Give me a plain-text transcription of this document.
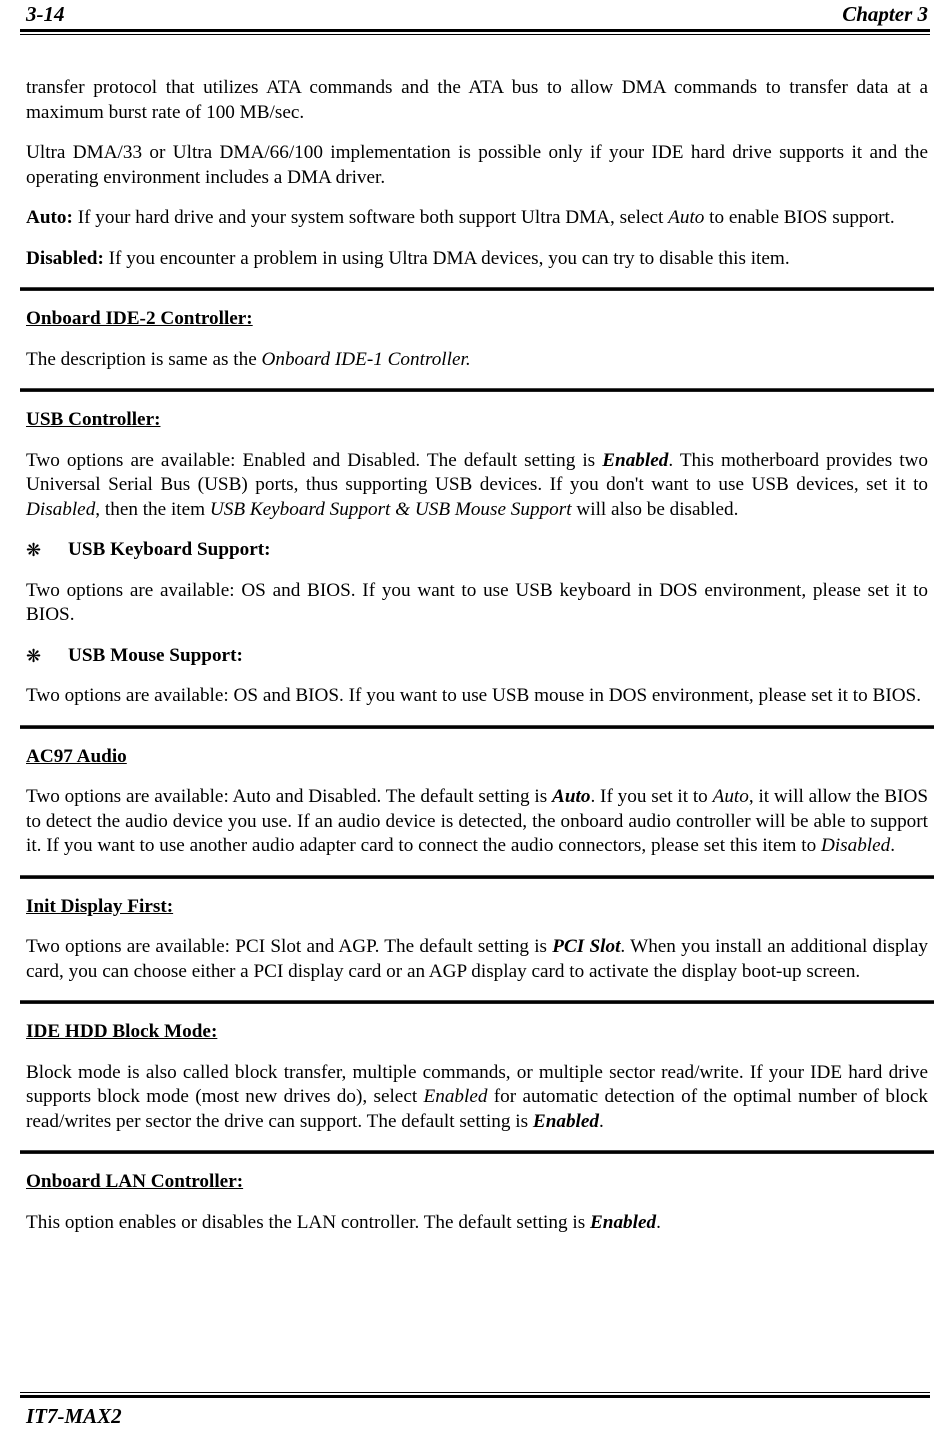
3-14	Chapter 3

transfer protocol that utilizes ATA commands and the ATA bus to allow DMA commands to transfer data at a maximum burst rate of 100 MB/sec.

Ultra DMA/33 or Ultra DMA/66/100 implementation is possible only if your IDE hard drive supports it and the operating environment includes a DMA driver.

Auto: If your hard drive and your system software both support Ultra DMA, select Auto to enable BIOS support.

Disabled: If you encounter a problem in using Ultra DMA devices, you can try to disable this item.

Onboard IDE-2 Controller:

The description is same as the Onboard IDE-1 Controller.

USB Controller:

Two options are available: Enabled and Disabled. The default setting is Enabled. This motherboard provides two Universal Serial Bus (USB) ports, thus supporting USB devices. If you don't want to use USB devices, set it to Disabled, then the item USB Keyboard Support & USB Mouse Support will also be disabled.

❋ USB Keyboard Support:

Two options are available: OS and BIOS. If you want to use USB keyboard in DOS environment, please set it to BIOS.

❋ USB Mouse Support:

Two options are available: OS and BIOS. If you want to use USB mouse in DOS environment, please set it to BIOS.

AC97 Audio

Two options are available: Auto and Disabled. The default setting is Auto. If you set it to Auto, it will allow the BIOS to detect the audio device you use. If an audio device is detected, the onboard audio controller will be able to support it. If you want to use another audio adapter card to connect the audio connectors, please set this item to Disabled.

Init Display First:

Two options are available: PCI Slot and AGP. The default setting is PCI Slot. When you install an additional display card, you can choose either a PCI display card or an AGP display card to activate the display boot-up screen.

IDE HDD Block Mode:

Block mode is also called block transfer, multiple commands, or multiple sector read/write. If your IDE hard drive supports block mode (most new drives do), select Enabled for automatic detection of the optimal number of block read/writes per sector the drive can support. The default setting is Enabled.

Onboard LAN Controller:

This option enables or disables the LAN controller. The default setting is Enabled.

IT7-MAX2
